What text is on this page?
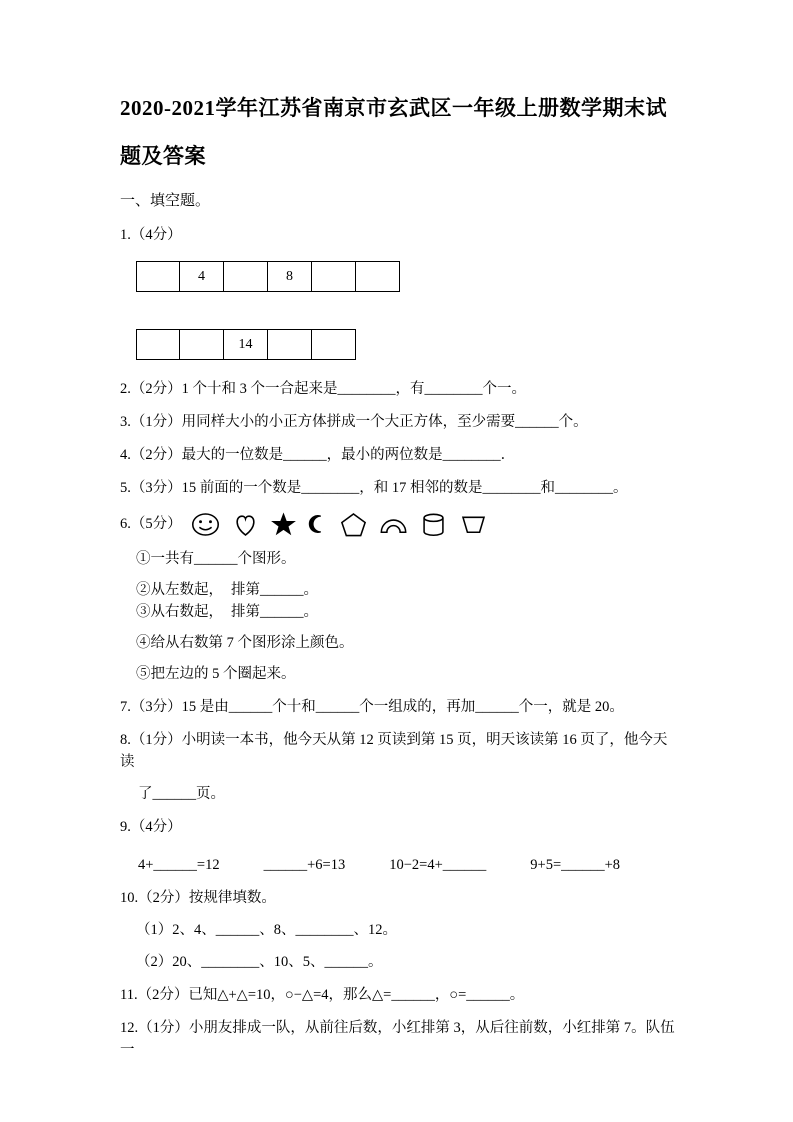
2020-2021学年江苏省南京市玄武区一年级上册数学期末试题及答案

一、填空题。

1.（4分）

4	8

14

2.（2分）1 个十和 3 个一合起来是________，有________个一。

3.（1分）用同样大小的小正方体拼成一个大正方体，至少需要______个。

4.（2分）最大的一位数是______，最小的两位数是________．

5.（3分）15 前面的一个数是________，和 17 相邻的数是________和________。

6.（5分）

①一共有______个图形。

②从左数起， 排第______。
③从右数起， 排第______。

④给从右数第 7 个图形涂上颜色。

⑤把左边的 5 个圈起来。

7.（3分）15 是由______个十和______个一组成的，再加______个一，就是 20。

8.（1分）小明读一本书，他今天从第 12 页读到第 15 页，明天该读第 16 页了，他今天读

了______页。

9.（4分）

4+______=12	______+6=13	10−2=4+______	9+5=______+8

10.（2分）按规律填数。

（1）2、4、______、8、________、12。

（2）20、________、10、5、______。

11.（2分）已知△+△=10，○−△=4，那么△=______，○=______。

12.（1分）小朋友排成一队，从前往后数，小红排第 3，从后往前数，小红排第 7。队伍一
